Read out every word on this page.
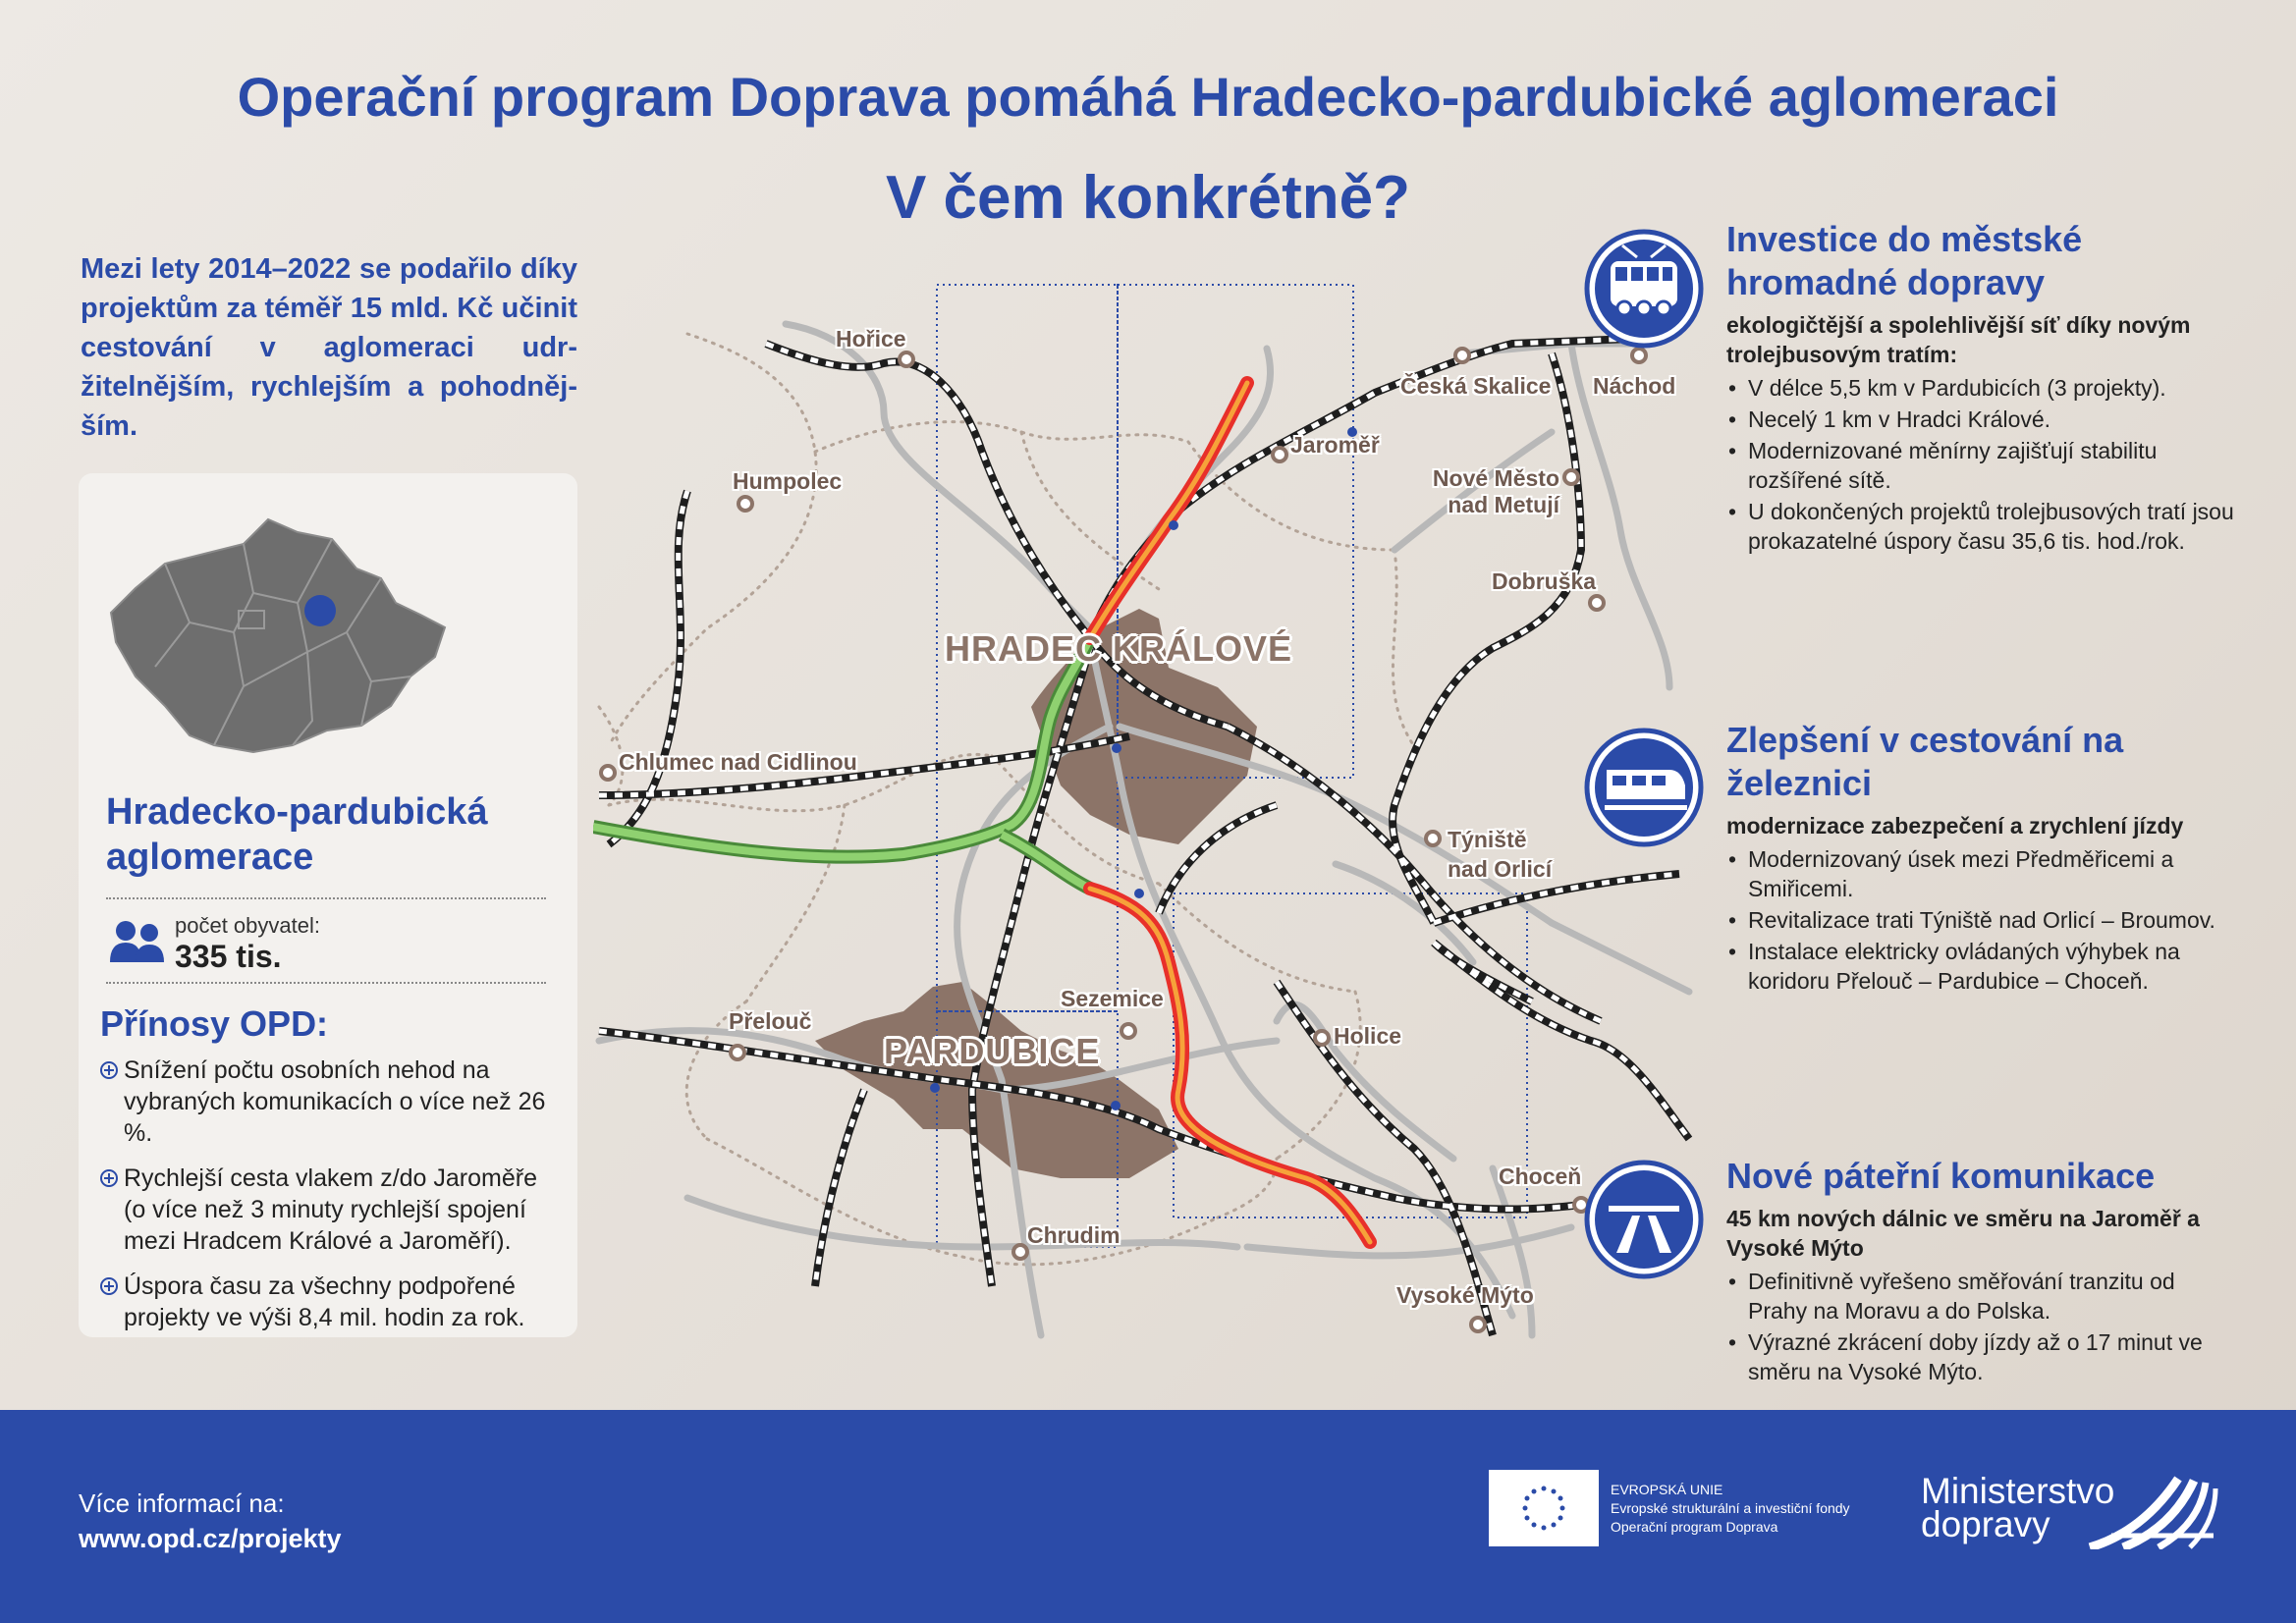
Operační program Doprava pomáhá Hradecko-pardubické aglomeraci
V čem konkrétně?

Mezi lety 2014–2022 se podařilo díky projektům za téměř 15 mld. Kč učinit cestování v aglomeraci udržitelnějším, rychlejším a pohodnějším.

Hradecko-pardubická
aglomerace
počet obyvatel:
335 tis.
Přínosy OPD:
Snížení počtu osobních nehod na vybraných komunikacích o více než 26 %.
Rychlejší cesta vlakem z/do Jaroměře (o více než 3 minuty rychlejší spojení mezi Hradcem Králové a Jaroměří).
Úspora času za všechny podpořené projekty ve výši 8,4 mil. hodin za rok.
HRADEC KRÁLOVÉ
PARDUBICE
Hořice
Humpolec
Chlumec nad Cidlinou
Přelouč
Sezemice
Chrudim
Jaroměř
Česká Skalice Náchod
Nové Město
nad Metují
Dobruška
Týniště
nad Orlicí
Holice
Choceň
Vysoké Mýto
Investice do městské hromadné dopravy
ekologičtější a spolehlivější síť díky novým trolejbusovým tratím:
• V délce 5,5 km v Pardubicích (3 projekty).
• Necelý 1 km v Hradci Králové.
• Modernizované měnírny zajišťují stabilitu rozšířené sítě.
• U dokončených projektů trolejbusových tratí jsou prokazatelné úspory času 35,6 tis. hod./rok.
Zlepšení v cestování na železnici
modernizace zabezpečení a zrychlení jízdy
• Modernizovaný úsek mezi Předměřicemi a Smiřicemi.
• Revitalizace trati Týniště nad Orlicí – Broumov.
• Instalace elektricky ovládaných výhybek na koridoru Přelouč – Pardubice – Choceň.
Nové páteřní komunikace
45 km nových dálnic ve směru na Jaroměř a Vysoké Mýto
• Definitivně vyřešeno směřování tranzitu od Prahy na Moravu a do Polska.
• Výrazné zkrácení doby jízdy až o 17 minut ve směru na Vysoké Mýto.
Více informací na:
www.opd.cz/projekty
EVROPSKÁ UNIE
Evropské strukturální a investiční fondy
Operační program Doprava
Ministerstvo
dopravy
